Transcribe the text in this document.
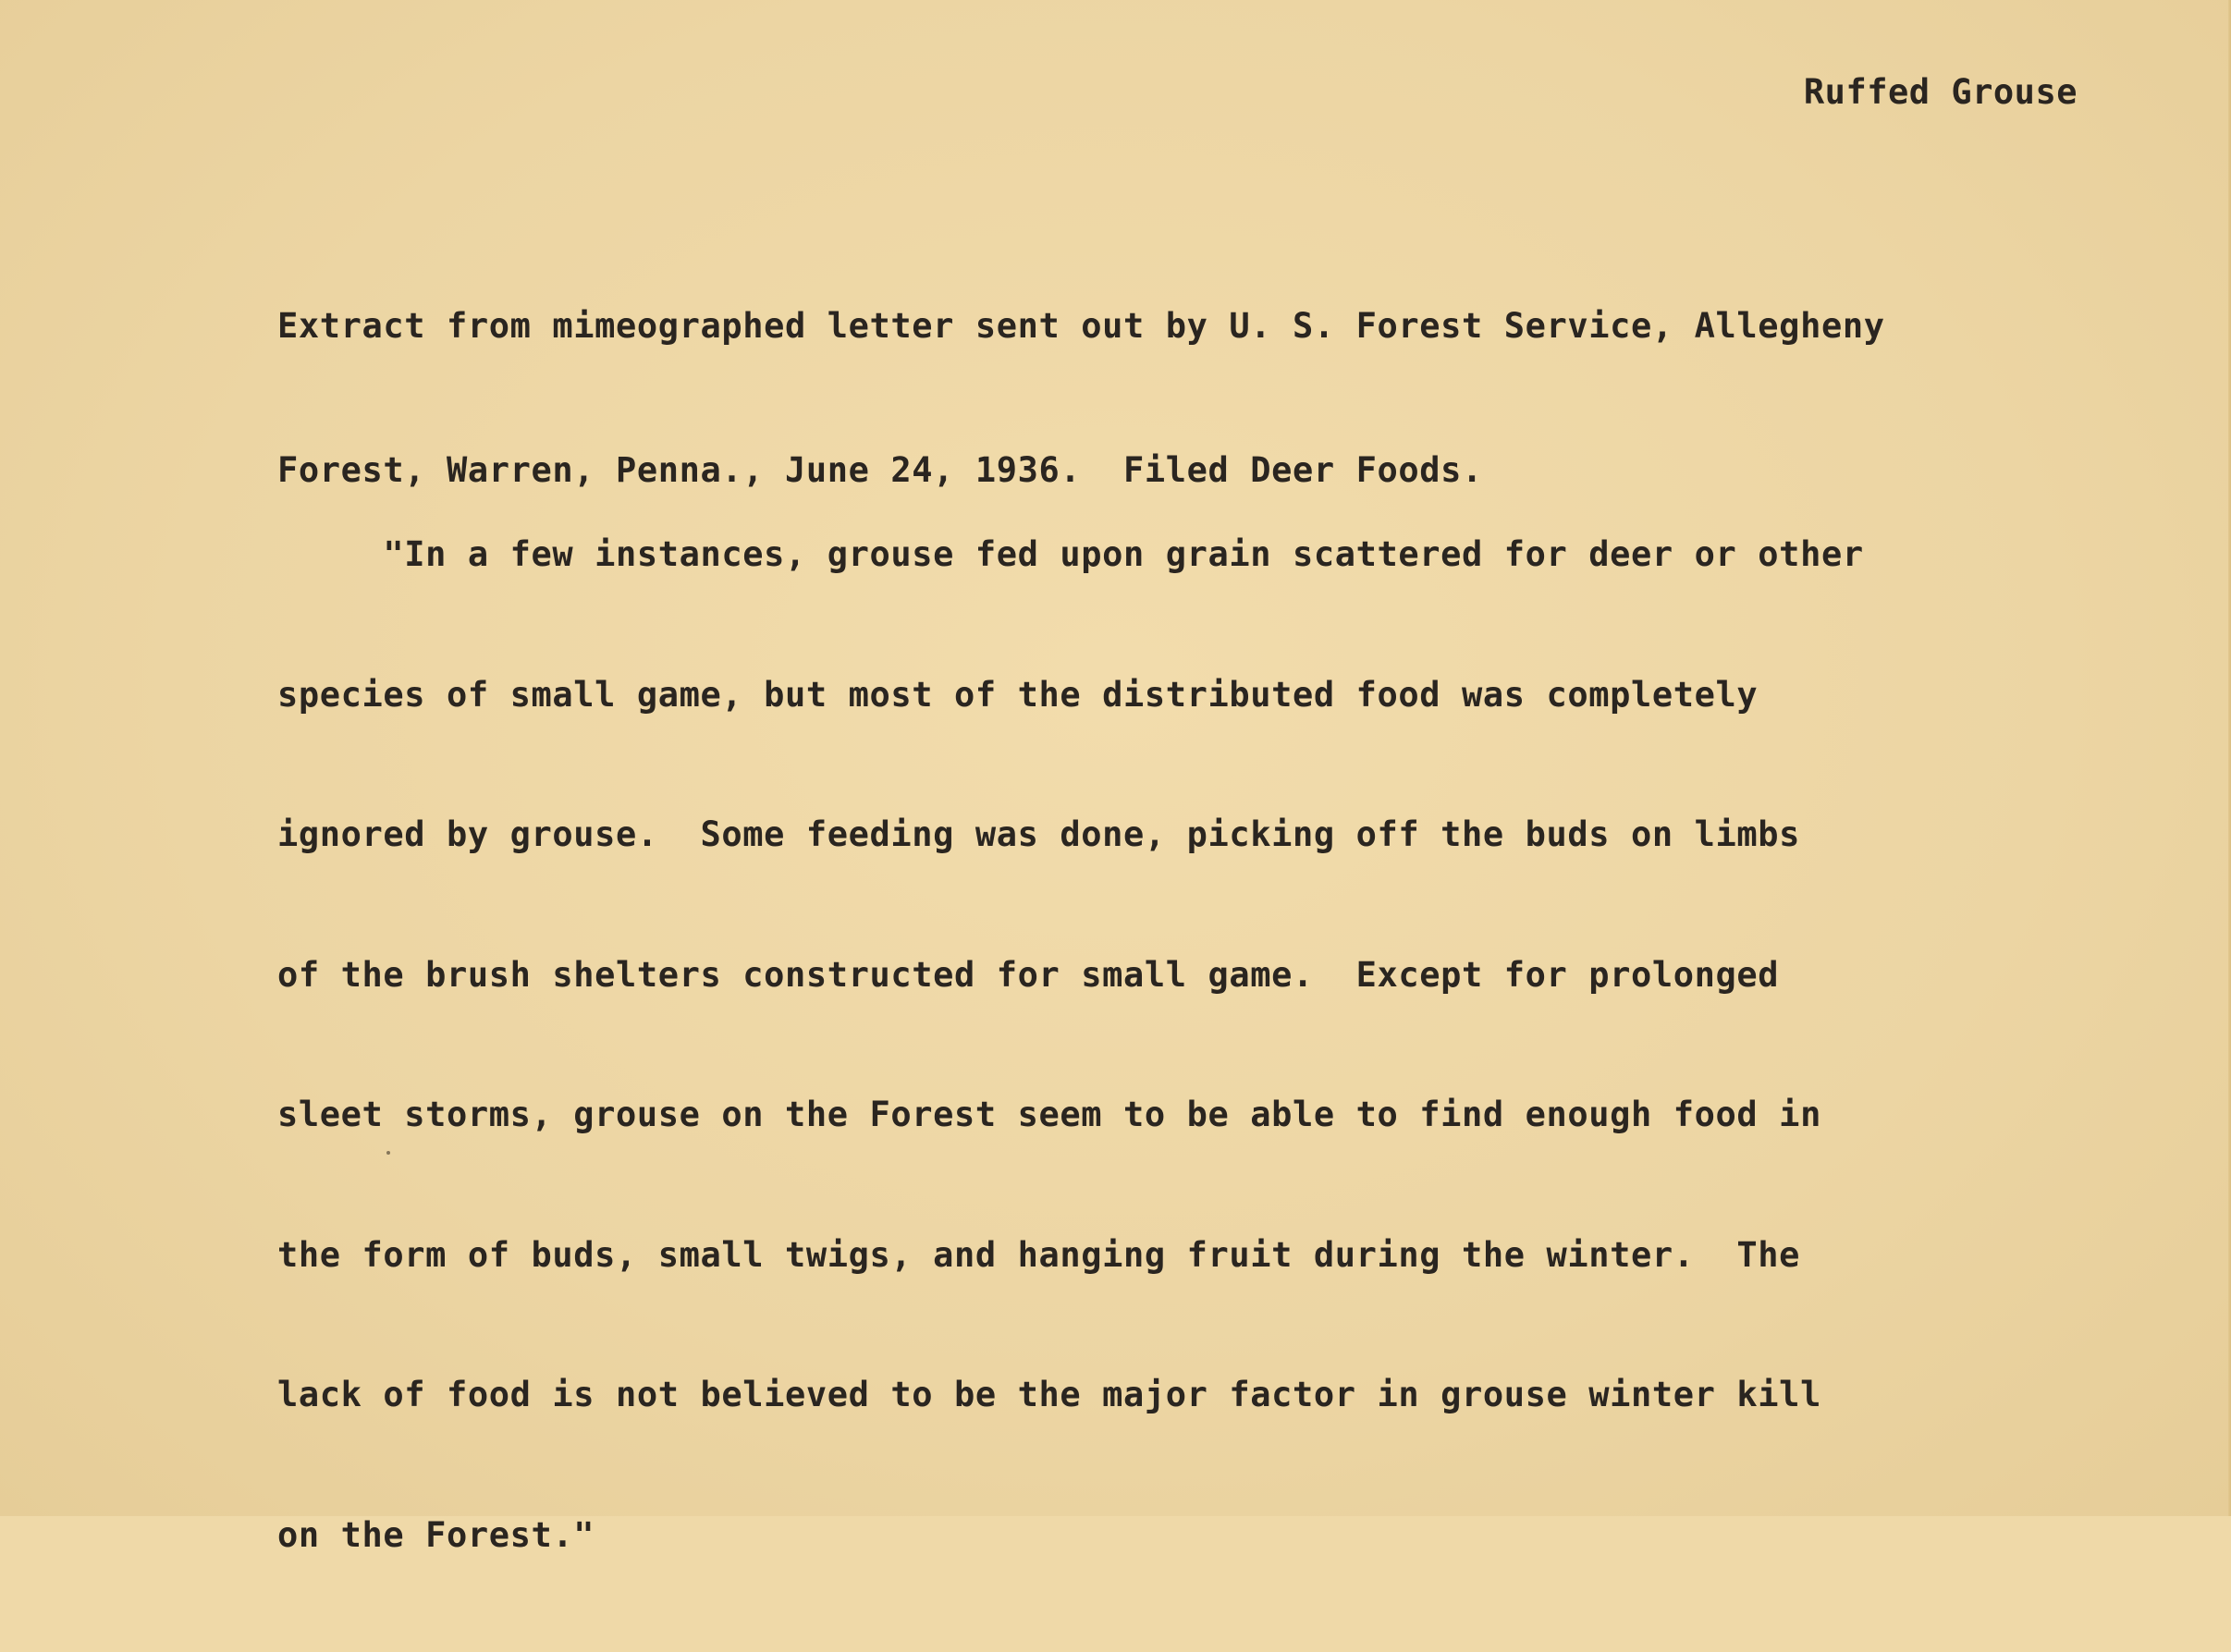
Ruffed Grouse

Extract from mimeographed letter sent out by U. S. Forest Service, Allegheny

Forest, Warren, Penna., June 24, 1936.  Filed Deer Foods.

"In a few instances, grouse fed upon grain scattered for deer or other

species of small game, but most of the distributed food was completely

ignored by grouse.  Some feeding was done, picking off the buds on limbs

of the brush shelters constructed for small game.  Except for prolonged

sleet storms, grouse on the Forest seem to be able to find enough food in

the form of buds, small twigs, and hanging fruit during the winter.  The

lack of food is not believed to be the major factor in grouse winter kill

on the Forest."
